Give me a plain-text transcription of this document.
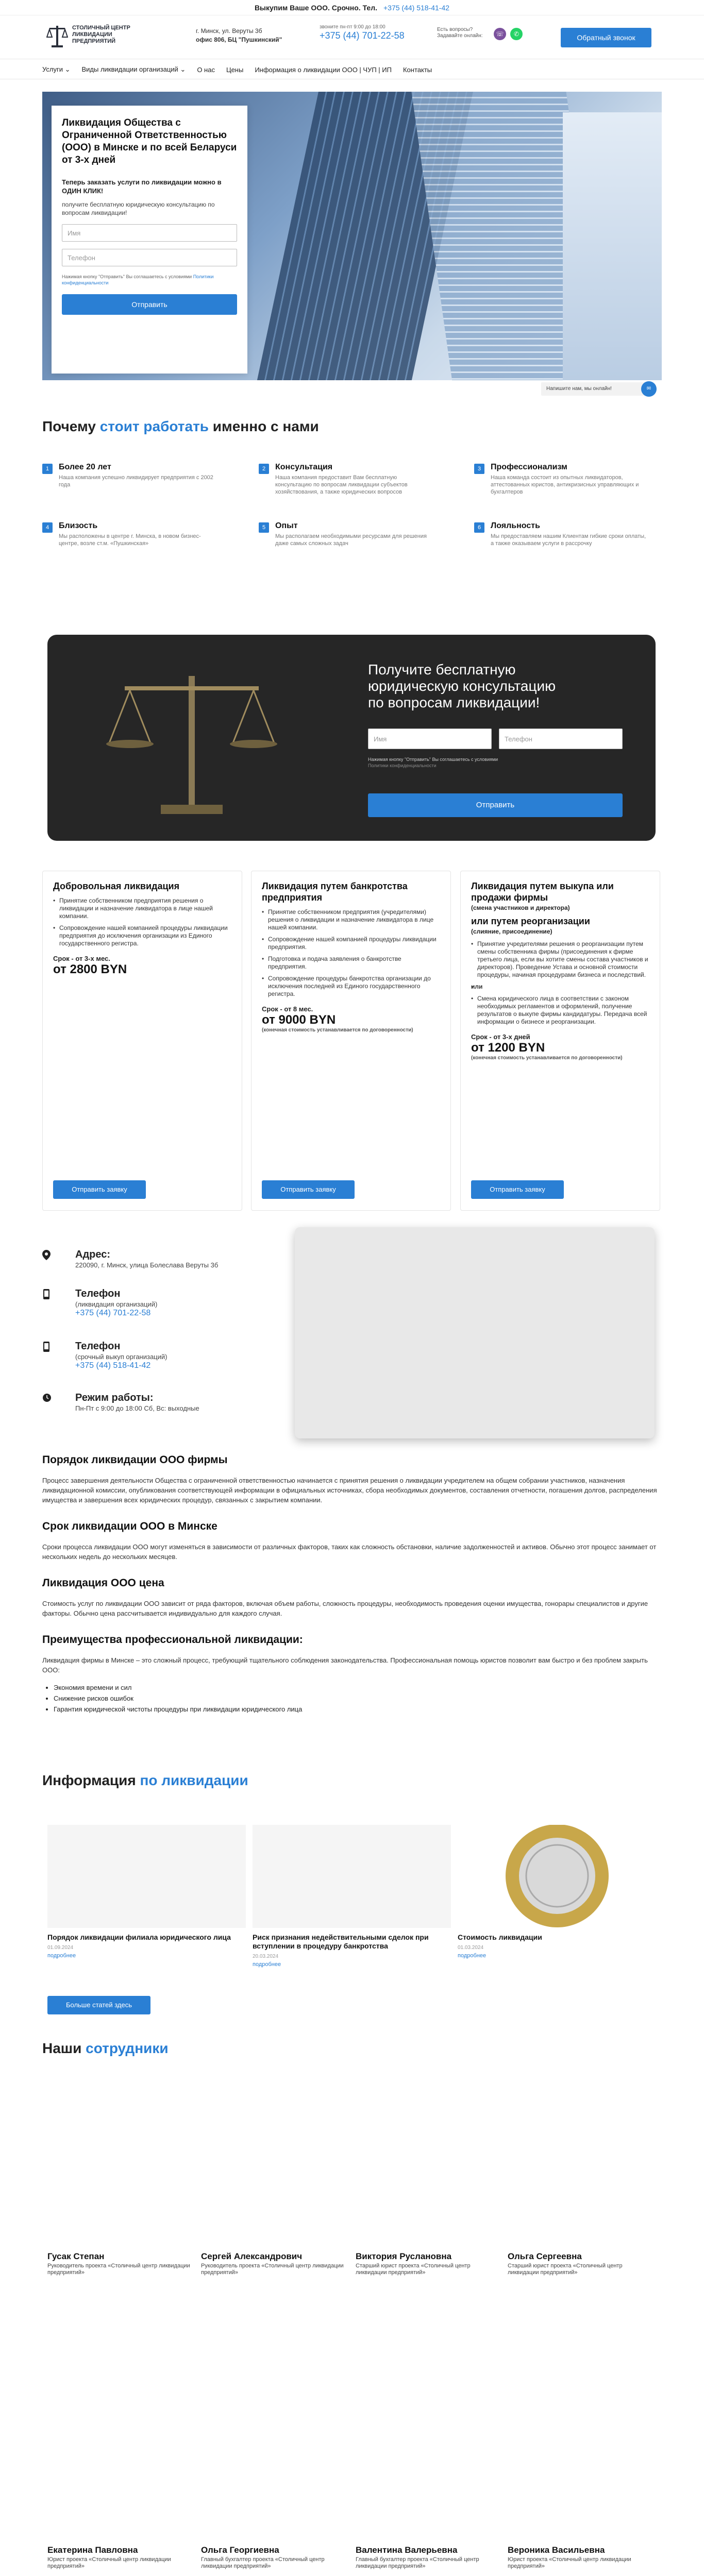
Выкупим Ваше ООО. Срочно. Тел. +375 (44) 518-41-42
СТОЛИЧНЫЙ ЦЕНТР ЛИКВИДАЦИИ ПРЕДПРИЯТИЙ
г. Минск, ул. Веруты 3б
офис 806, БЦ "Пушкинский"
звоните пн-пт 9:00 до 18:00
+375 (44) 701-22-58
Есть вопросы? Задавайте онлайн:	☏	✆	Обратный звонок
Услуги ⌄ Виды ликвидации организаций ⌄ О нас Цены Информация о ликвидации ООО | ЧУП | ИП Контакты
Ликвидация Общества с Ограниченной Ответственностью (ООО) в Минске и по всей Беларуси от 3-х дней
Теперь заказать услуги по ликвидации можно в ОДИН КЛИК!
получите бесплатную юридическую консультацию по вопросам ликвидации!
Имя
Телефон
Нажимая кнопку "Отправить" Вы соглашаетесь с условиями Политики конфиденциальности
Отправить
Напишите нам, мы онлайн!	✉
Почему стоит работать именно с нами
1	Более 20 лет
Наша компания успешно ликвидирует предприятия с 2002 года
2	Консультация
Наша компания предоставит Вам бесплатную консультацию по вопросам ликвидации субъектов хозяйствования, а также юридических вопросов
3	Профессионализм
Наша команда состоит из опытных ликвидаторов, аттестованных юристов, антикризисных управляющих и бухгалтеров
4	Близость
Мы расположены в центре г. Минска, в новом бизнес-центре, возле ст.м. «Пушкинская»
5	Опыт
Мы располагаем необходимыми ресурсами для решения даже самых сложных задач
6	Лояльность
Мы предоставляем нашим Клиентам гибкие сроки оплаты, а также оказываем услуги в рассрочку
Получите бесплатную юридическую консультацию по вопросам ликвидации!
Имя	Телефон
Нажимая кнопку "Отправить" Вы соглашаетесь с условиями
Политики конфиденциальности
Отправить
Добровольная ликвидация
• Принятие собственником предприятия решения о ликвидации и назначение ликвидатора в лице нашей компании.
• Сопровождение нашей компанией процедуры ликвидации предприятия до исключения организации из Единого государственного регистра.
Срок - от 3-х мес.
от 2800 BYN
Отправить заявку
Ликвидация путем банкротства предприятия
• Принятие собственником предприятия (учредителями) решения о ликвидации и назначение ликвидатора в лице нашей компании.
• Сопровождение нашей компанией процедуры ликвидации предприятия.
• Подготовка и подача заявления о банкротстве предприятия.
• Сопровождение процедуры банкротства организации до исключения последней из Единого государственного регистра.
Срок - от 8 мес.
от 9000 BYN
(конечная стоимость устанавливается по договоренности)
Отправить заявку
Ликвидация путем выкупа или продажи фирмы
(смена участников и директора)
или путем реорганизации
(слияние, присоединение)
• Принятие учредителями решения о реорганизации путем смены собственника фирмы (присоединения к фирме третьего лица, если вы хотите смены состава участников и директоров). Проведение Устава и основной стоимости процедуры, начиная процедурами бизнеса и последствий.
• или
• Смена юридического лица в соответствии с законом необходимых регламентов и оформлений, получение результатов о выкупе фирмы кандидатуры. Передача всей информации о бизнесе и реорганизации.
Срок - от 3-х дней
от 1200 BYN
(конечная стоимость устанавливается по договоренности)
Отправить заявку
Адрес:
220090, г. Минск, улица Болеслава Веруты 3б
Телефон
(ликвидация организаций)
+375 (44) 701-22-58
Телефон
(срочный выкуп организаций)
+375 (44) 518-41-42
Режим работы:
Пн-Пт с 9:00 до 18:00 Сб, Вс: выходные
Порядок ликвидации ООО фирмы

Процесс завершения деятельности Общества с ограниченной ответственностью начинается с принятия решения о ликвидации учредителем на общем собрании участников, назначения ликвидационной комиссии, опубликования соответствующей информации в официальных источниках, сбора необходимых документов, составления отчетности, погашения долгов, распределения имущества и завершения всех юридических процедур, связанных с закрытием компании.

Срок ликвидации ООО в Минске

Сроки процесса ликвидации ООО могут изменяться в зависимости от различных факторов, таких как сложность обстановки, наличие задолженностей и активов. Обычно этот процесс занимает от нескольких недель до нескольких месяцев.

Ликвидация ООО цена

Стоимость услуг по ликвидации ООО зависит от ряда факторов, включая объем работы, сложность процедуры, необходимость проведения оценки имущества, гонорары специалистов и другие факторы. Обычно цена рассчитывается индивидуально для каждого случая.

Преимущества профессиональной ликвидации:

Ликвидация фирмы в Минске – это сложный процесс, требующий тщательного соблюдения законодательства. Профессиональная помощь юристов позволит вам быстро и без проблем закрыть ООО:

• Экономия времени и сил
• Снижение рисков ошибок
• Гарантия юридической чистоты процедуры при ликвидации юридического лица
Информация по ликвидации
Порядок ликвидации филиала юридического лица
01.09.2024
подробнее
Риск признания недействительными сделок при вступлении в процедуру банкротства
20.03.2024
подробнее
Стоимость ликвидации
01.03.2024
подробнее
Больше статей здесь
Наши сотрудники
Гусак Степан
Руководитель проекта «Столичный центр ликвидации предприятий»
Сергей Александрович
Руководитель проекта «Столичный центр ликвидации предприятий»
Виктория Руслановна
Старший юрист проекта «Столичный центр ликвидации предприятий»
Ольга Сергеевна
Старший юрист проекта «Столичный центр ликвидации предприятий»
Екатерина Павловна
Юрист проекта «Столичный центр ликвидации предприятий»
Ольга Георгиевна
Главный бухгалтер проекта «Столичный центр ликвидации предприятий»
Валентина Валерьевна
Главный бухгалтер проекта «Столичный центр ликвидации предприятий»
Вероника Васильевна
Юрист проекта «Столичный центр ликвидации предприятий»
